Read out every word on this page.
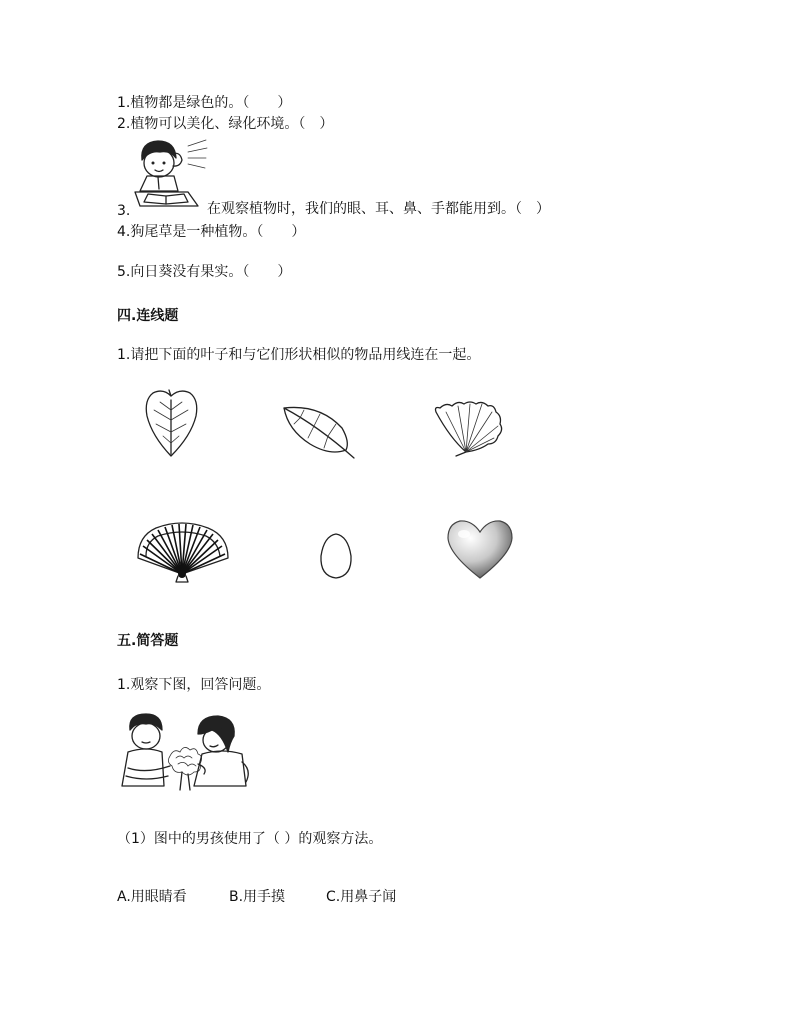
1.植物都是绿色的。（　　）
2.植物可以美化、绿化环境。（　）
3.	在观察植物时，我们的眼、耳、鼻、手都能用到。（　）
4.狗尾草是一种植物。（　　）
5.向日葵没有果实。（　　）
四.连线题
1.请把下面的叶子和与它们形状相似的物品用线连在一起。
五.简答题
1.观察下图，回答问题。
（1）图中的男孩使用了（ ）的观察方法。
A.用眼睛看	B.用手摸	C.用鼻子闻
